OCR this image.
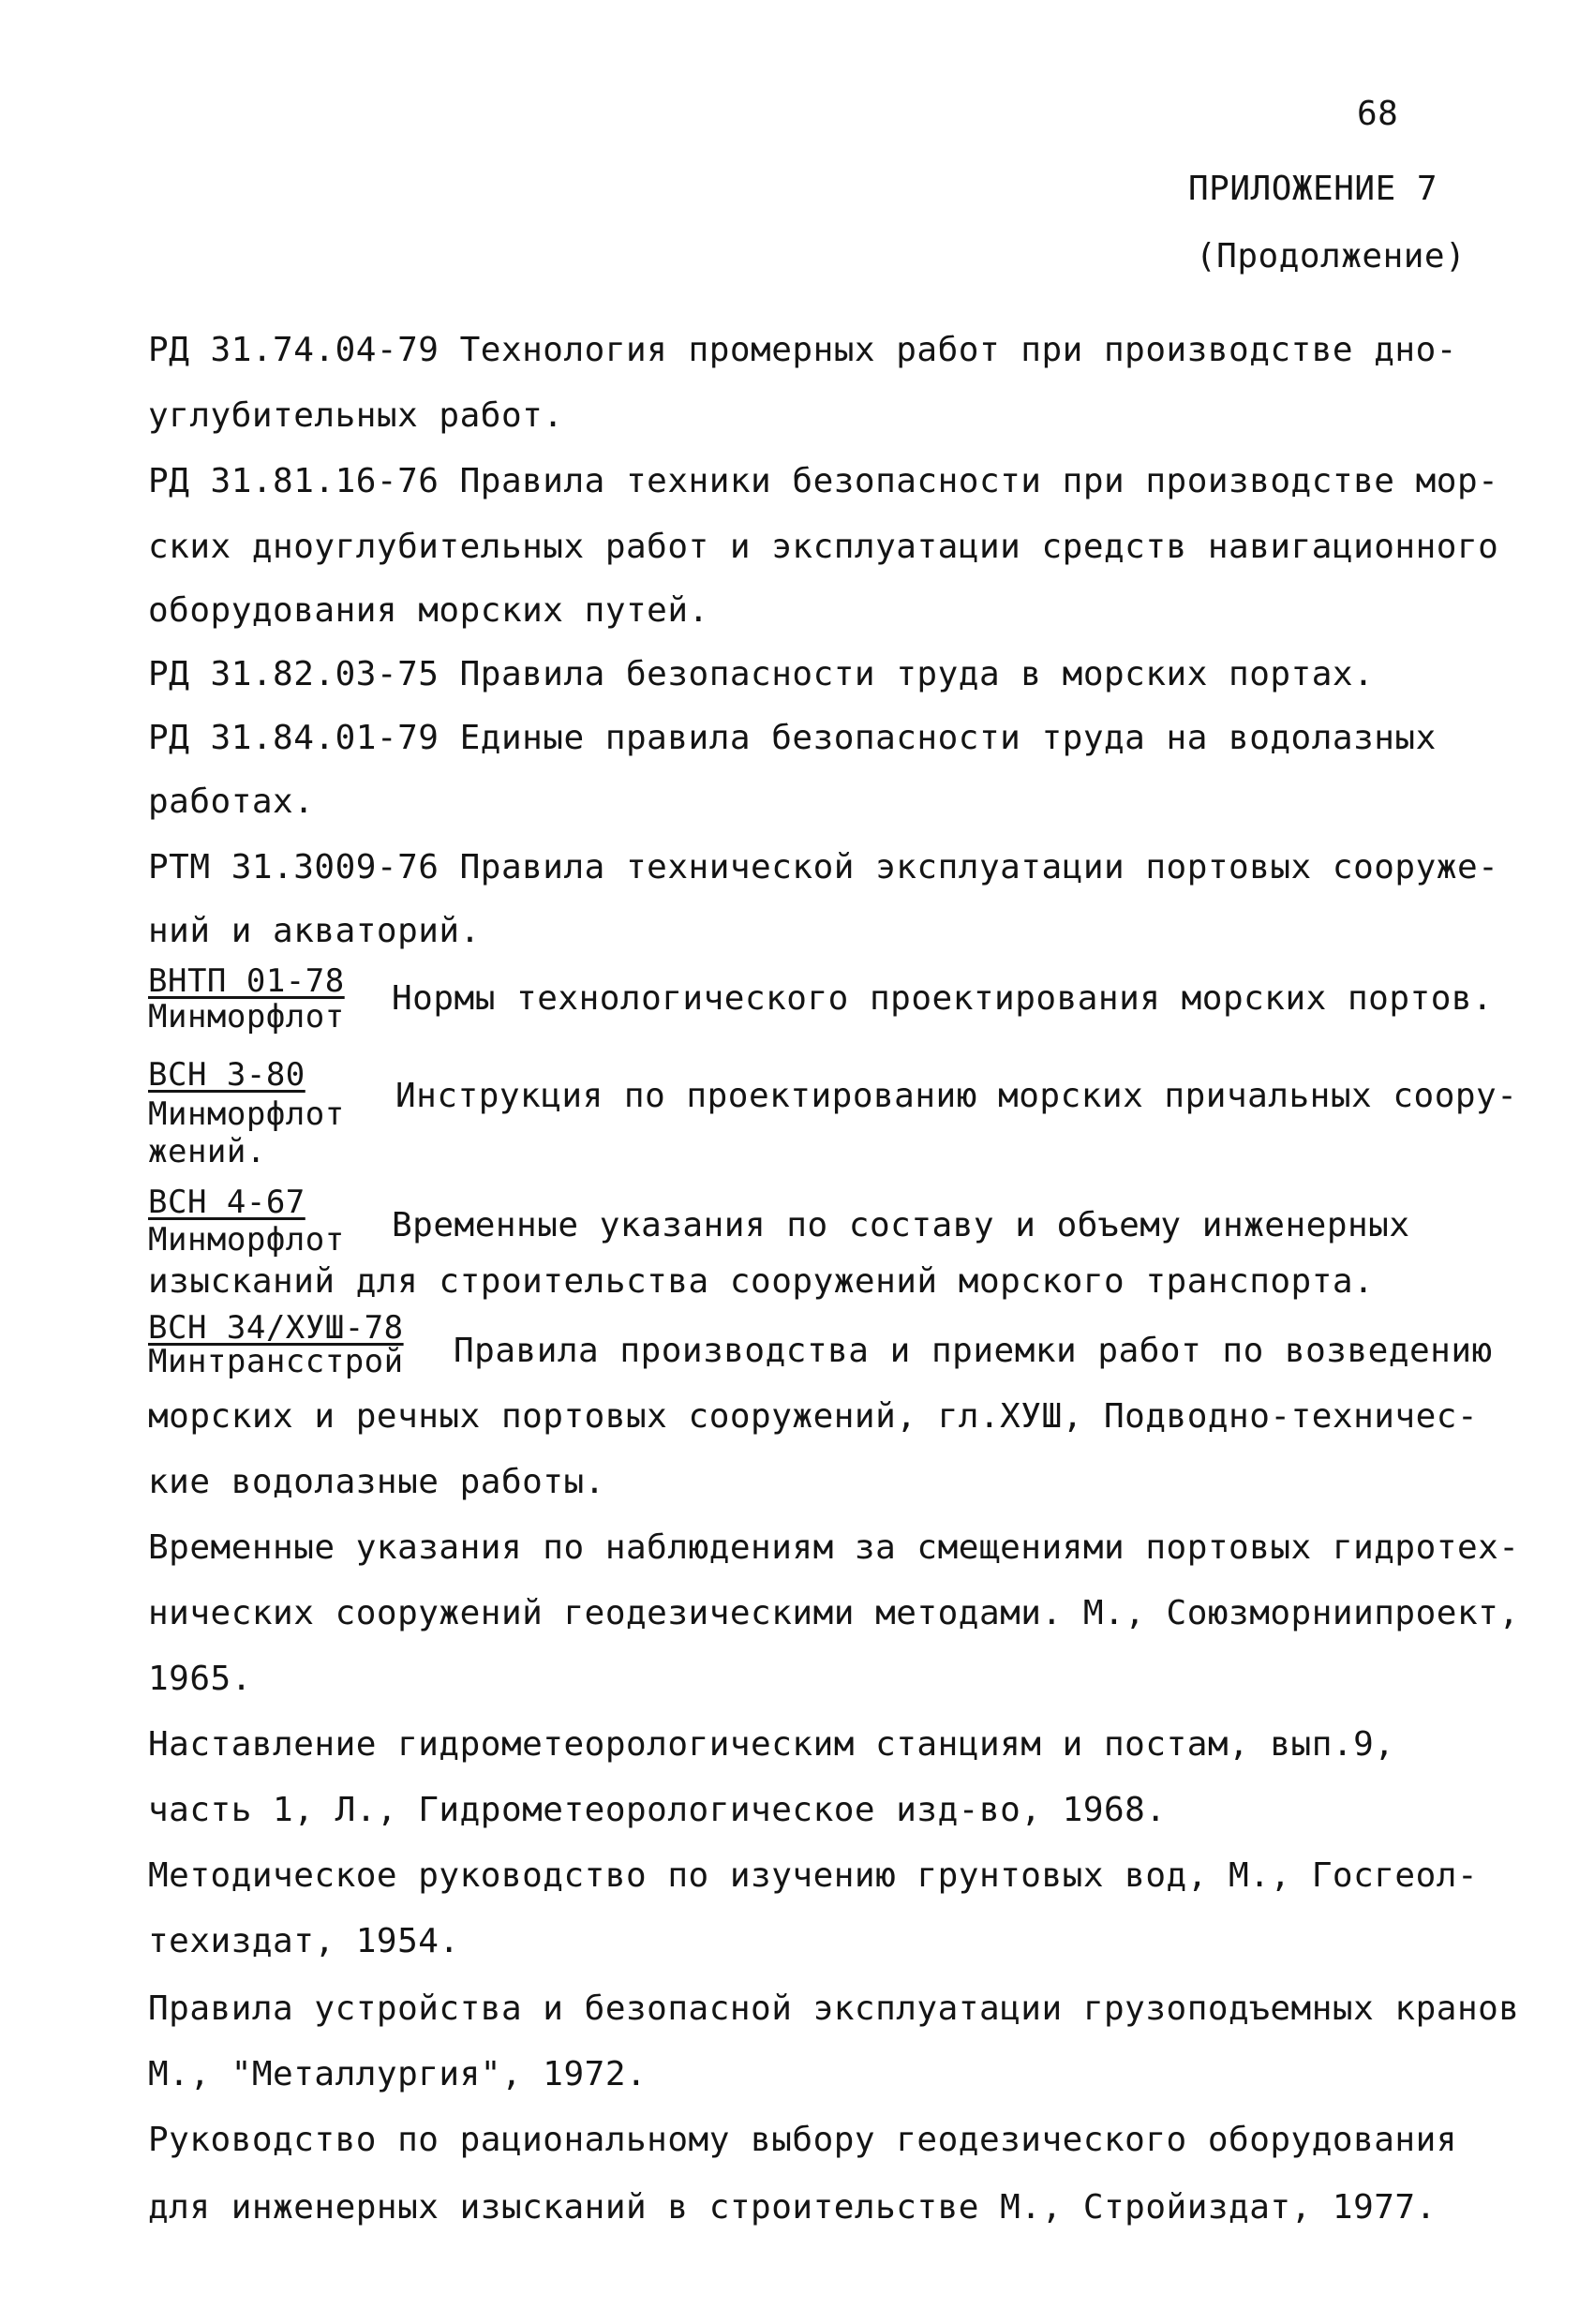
68
ПРИЛОЖЕНИЕ 7
(Продолжение)
РД 31.74.04-79 Технология промерных работ при производстве дно-
углубительных работ.
РД 31.81.16-76 Правила техники безопасности при производстве мор-
ских дноуглубительных работ и эксплуатации средств навигационного
оборудования морских путей.
РД 31.82.03-75 Правила безопасности труда в морских портах.
РД 31.84.01-79 Единые правила безопасности труда на водолазных
работах.
РТМ 31.3009-76 Правила технической эксплуатации портовых сооруже-
ний и акваторий.
ВНТП 01-78
Минморфлот Нормы технологического проектирования морских портов.
ВСН 3-80
Минморфлот Инструкция по проектированию морских причальных соору-
жений.
ВСН 4-67
Минморфлот Временные указания по составу и объему инженерных
изысканий для строительства сооружений морского транспорта.
ВСН 34/ХУШ-78
Минтрансстрой Правила производства и приемки работ по возведению
морских и речных портовых сооружений, гл.ХУШ, Подводно-техничес-
кие водолазные работы.
Временные указания по наблюдениям за смещениями портовых гидротех-
нических сооружений геодезическими методами. М., Союзморниипроект,
1965.
Наставление гидрометеорологическим станциям и постам, вып.9,
часть 1, Л., Гидрометеорологическое изд-во, 1968.
Методическое руководство по изучению грунтовых вод, М., Госгеол-
техиздат, 1954.
Правила устройства и безопасной эксплуатации грузоподъемных кранов
М., "Металлургия", 1972.
Руководство по рациональному выбору геодезического оборудования
для инженерных изысканий в строительстве М., Стройиздат, 1977.
